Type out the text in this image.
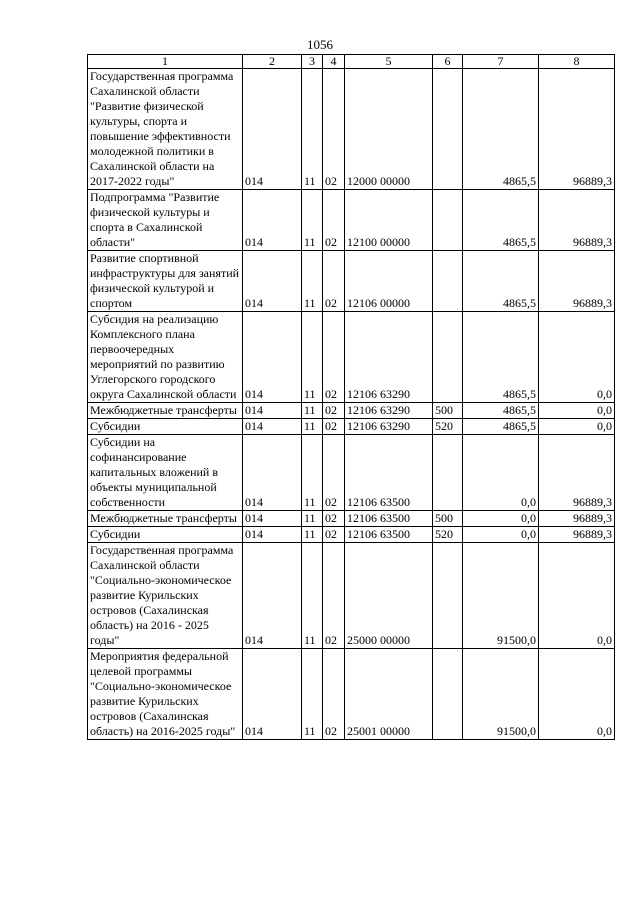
1056
1	2	3	4	5	6	7	8
Государственная программа Сахалинской области "Развитие физической культуры, спорта и повышение эффективности молодежной политики в Сахалинской области на 2017-2022 годы"	014	11	02	12000 00000		4865,5	96889,3
Подпрограмма "Развитие физической культуры и спорта в Сахалинской области"	014	11	02	12100 00000		4865,5	96889,3
Развитие спортивной инфраструктуры для занятий физической культурой и спортом	014	11	02	12106 00000		4865,5	96889,3
Субсидия на реализацию Комплексного плана первоочередных мероприятий по развитию Углегорского городского округа Сахалинской области	014	11	02	12106 63290		4865,5	0,0
Межбюджетные трансферты	014	11	02	12106 63290	500	4865,5	0,0
Субсидии	014	11	02	12106 63290	520	4865,5	0,0
Субсидии на софинансирование капитальных вложений в объекты муниципальной собственности	014	11	02	12106 63500		0,0	96889,3
Межбюджетные трансферты	014	11	02	12106 63500	500	0,0	96889,3
Субсидии	014	11	02	12106 63500	520	0,0	96889,3
Государственная программа Сахалинской области "Социально-экономическое развитие Курильских островов (Сахалинская область) на 2016 - 2025 годы"	014	11	02	25000 00000		91500,0	0,0
Мероприятия федеральной целевой программы "Социально-экономическое развитие Курильских островов (Сахалинская область) на 2016-2025 годы"	014	11	02	25001 00000		91500,0	0,0
